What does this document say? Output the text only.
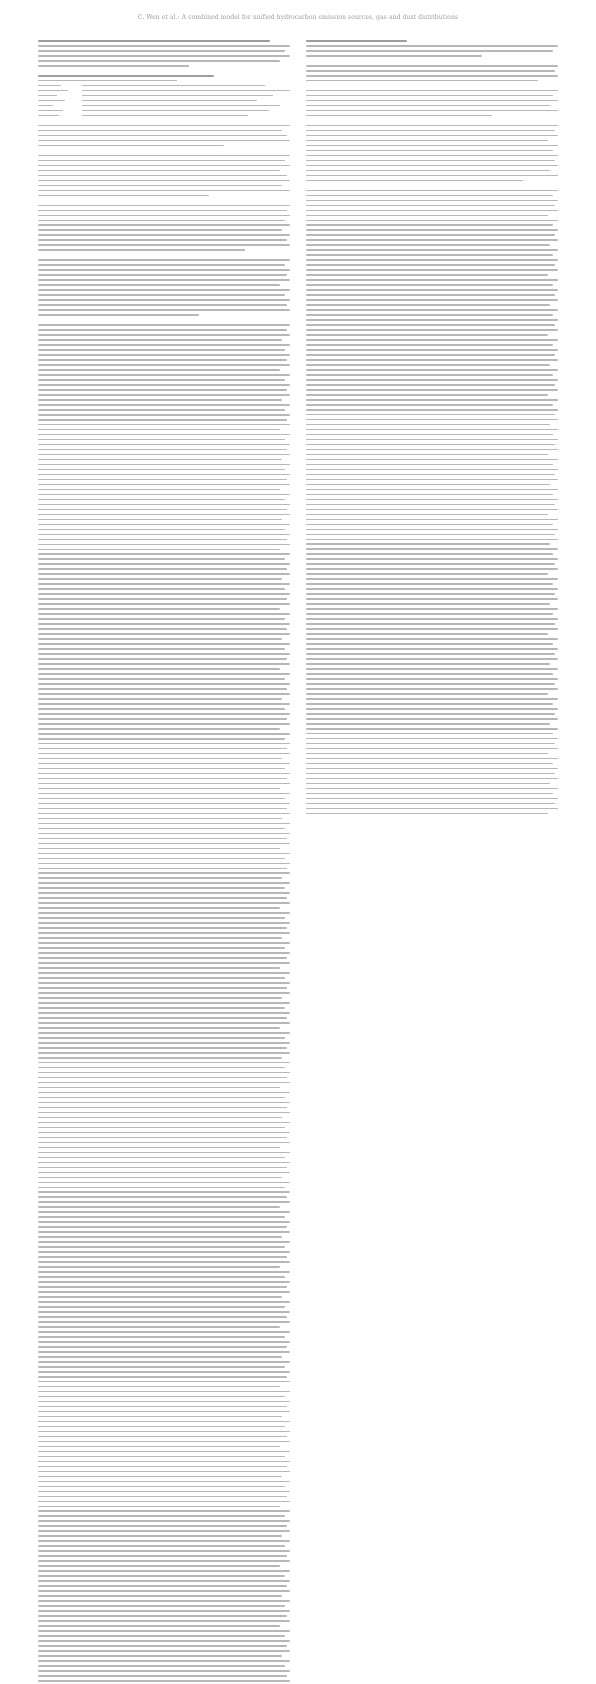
C. Wen et al.: A combined model for unified hydrocarbon emission sources, gas and dust distributions
